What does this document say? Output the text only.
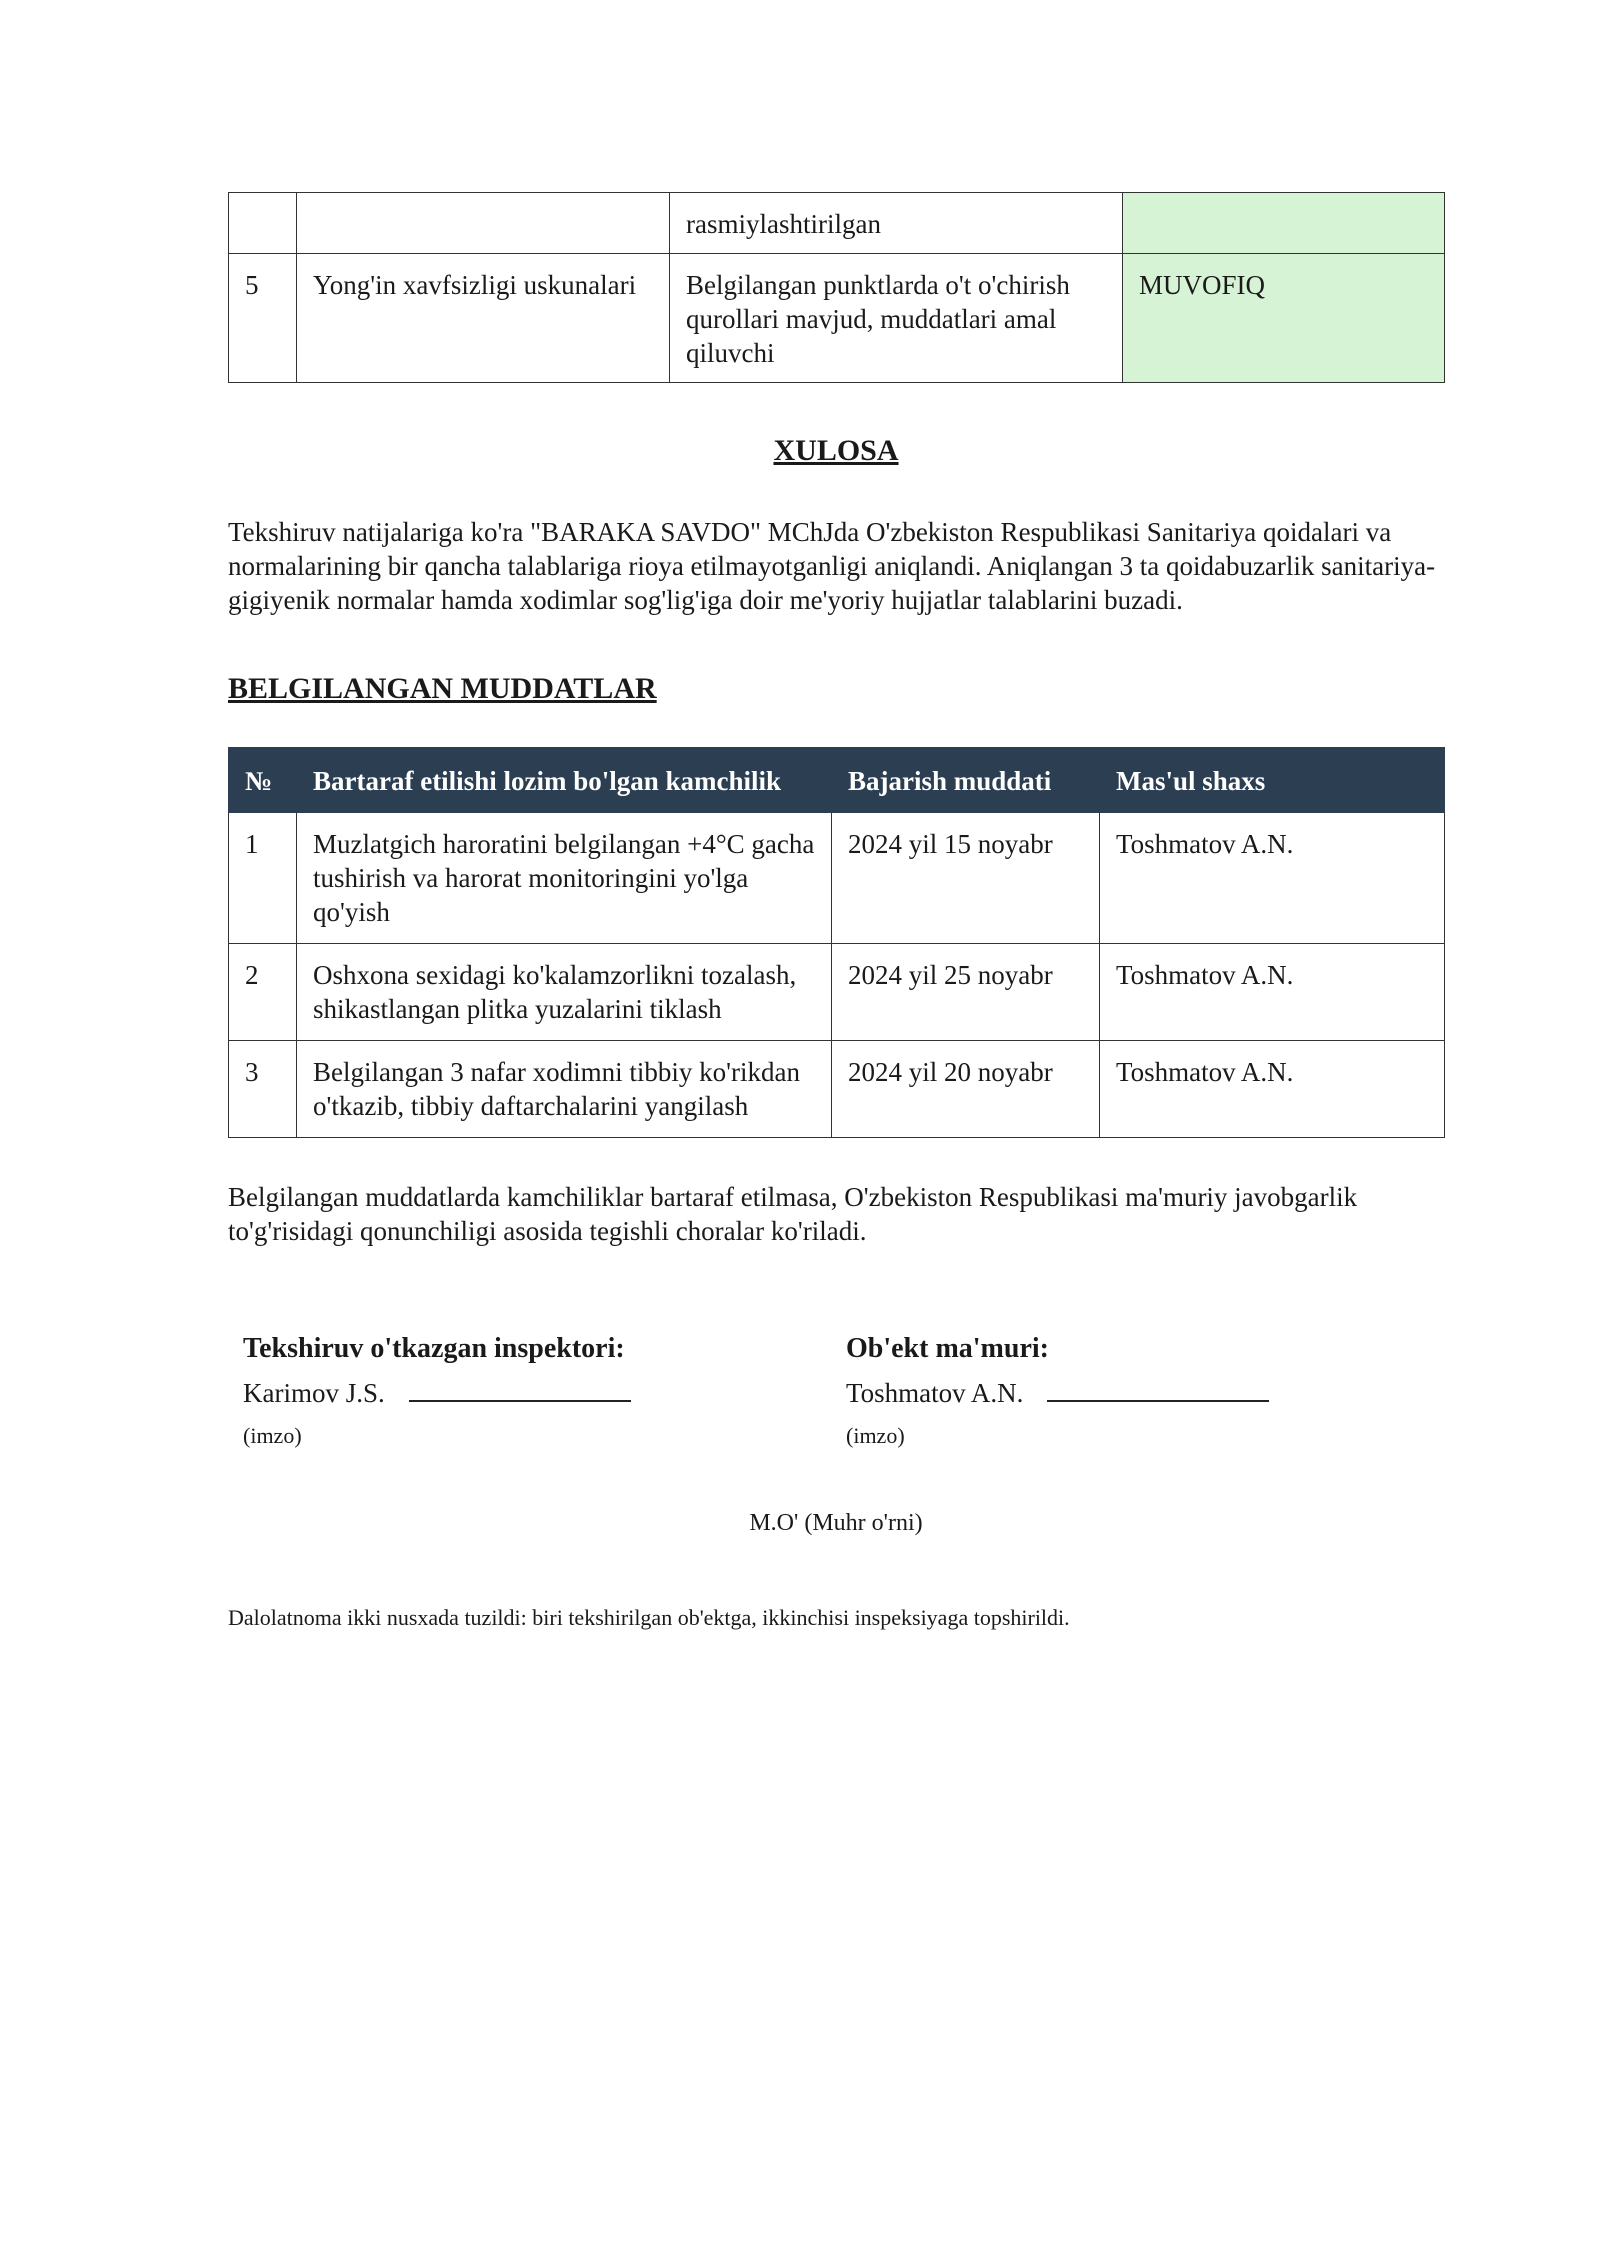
		rasmiylashtirilgan	
5	Yong'in xavfsizligi uskunalari	Belgilangan punktlarda o't o'chirish qurollari mavjud, muddatlari amal qiluvchi	MUVOFIQ
XULOSA

Tekshiruv natijalariga ko'ra "BARAKA SAVDO" MChJda O'zbekiston Respublikasi Sanitariya qoidalari va normalarining bir qancha talablariga rioya etilmayotganligi aniqlandi. Aniqlangan 3 ta qoidabuzarlik sanitariya-gigiyenik normalar hamda xodimlar sog'lig'iga doir me'yoriy hujjatlar talablarini buzadi.

BELGILANGAN MUDDATLAR
№	Bartaraf etilishi lozim bo'lgan kamchilik	Bajarish muddati	Mas'ul shaxs
1	Muzlatgich haroratini belgilangan +4°C gacha tushirish va harorat monitoringini yo'lga qo'yish	2024 yil 15 noyabr	Toshmatov A.N.
2	Oshxona sexidagi ko'kalamzorlikni tozalash, shikastlangan plitka yuzalarini tiklash	2024 yil 25 noyabr	Toshmatov A.N.
3	Belgilangan 3 nafar xodimni tibbiy ko'rikdan o'tkazib, tibbiy daftarchalarini yangilash	2024 yil 20 noyabr	Toshmatov A.N.

Belgilangan muddatlarda kamchiliklar bartaraf etilmasa, O'zbekiston Respublikasi ma'muriy javobgarlik to'g'risidagi qonunchiligi asosida tegishli choralar ko'riladi.

Tekshiruv o'tkazgan inspektori:

Karimov J.S.

(imzo)

Ob'ekt ma'muri:

Toshmatov A.N.

(imzo)

M.O' (Muhr o'rni)
Dalolatnoma ikki nusxada tuzildi: biri tekshirilgan ob'ektga, ikkinchisi inspeksiyaga topshirildi.
